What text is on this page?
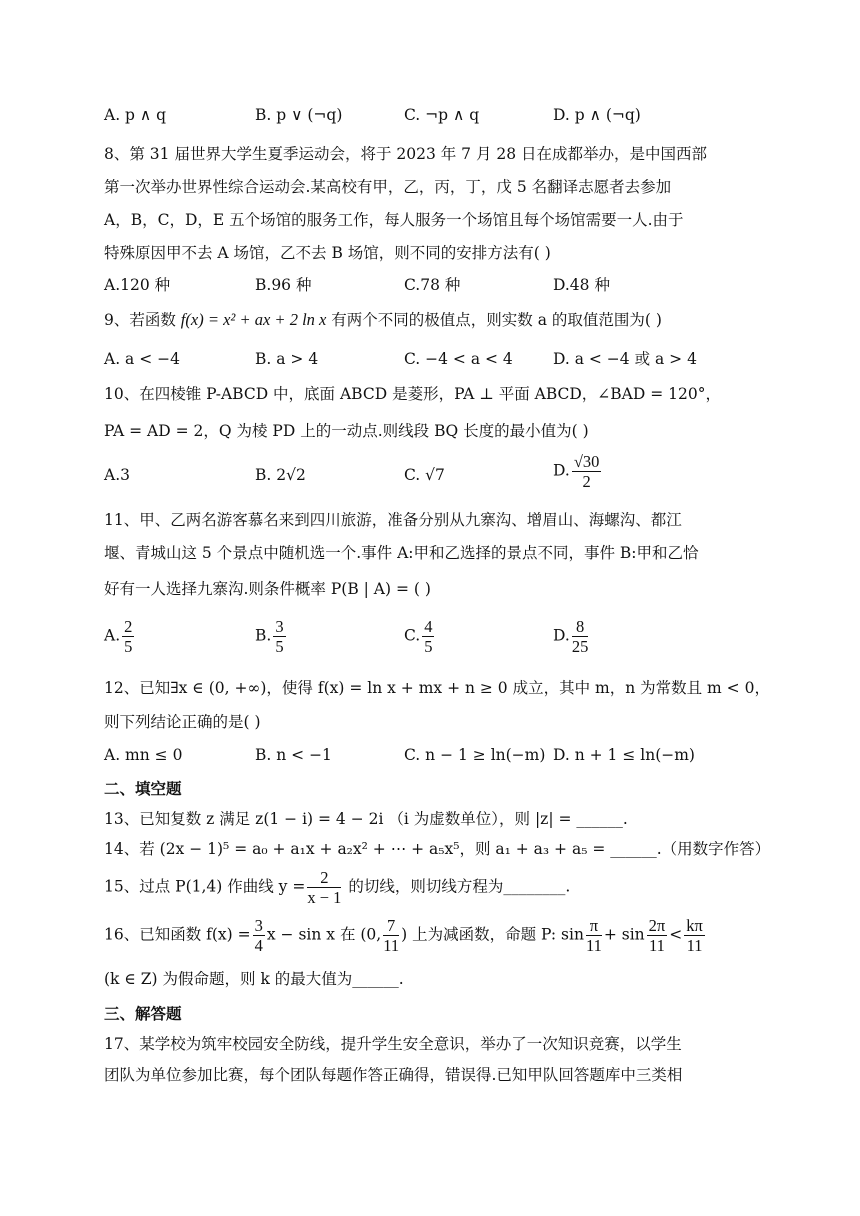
A. p ∧ q	B. p ∨ (¬q)	C. ¬p ∧ q	D. p ∧ (¬q)
8、第 31 届世界大学生夏季运动会，将于 2023 年 7 月 28 日在成都举办，是中国西部
第一次举办世界性综合运动会.某高校有甲，乙，丙，丁，戊 5 名翻译志愿者去参加
A，B，C，D，E 五个场馆的服务工作，每人服务一个场馆且每个场馆需要一人.由于
特殊原因甲不去 A 场馆，乙不去 B 场馆，则不同的安排方法有( )
A.120 种	B.96 种	C.78 种	D.48 种
9、若函数 f(x) = x² + ax + 2 ln x 有两个不同的极值点，则实数 a 的取值范围为( )
A. a < −4	B. a > 4	C. −4 < a < 4	D. a < −4 或 a > 4
10、在四棱锥 P-ABCD 中，底面 ABCD 是菱形，PA ⊥ 平面 ABCD，∠BAD = 120°，
PA = AD = 2，Q 为棱 PD 上的一动点.则线段 BQ 长度的最小值为( )
A.3	B. 2√2	C. √7	D. $\frac{√30}{2}$
11、甲、乙两名游客慕名来到四川旅游，准备分别从九寨沟、增眉山、海螺沟、都江
堰、青城山这 5 个景点中随机选一个.事件 A:甲和乙选择的景点不同，事件 B:甲和乙恰
好有一人选择九寨沟.则条件概率 P(B | A) = ( )
A. $\frac{2}{5}$	B. $\frac{3}{5}$	C. $\frac{4}{5}$	D. $\frac{8}{25}$
12、已知∃x ∈ (0, +∞)，使得 f(x) = ln x + mx + n ≥ 0 成立，其中 m，n 为常数且 m < 0，
则下列结论正确的是( )
A. mn ≤ 0	B. n < −1	C. n − 1 ≥ ln(−m) D. n + 1 ≤ ln(−m)
二、填空题
13、已知复数 z 满足 z(1 − i) = 4 − 2i （i 为虚数单位），则 |z| = ______.
14、若 (2x − 1)⁵ = a₀ + a₁x + a₂x² + ⋯ + a₅x⁵，则 a₁ + a₃ + a₅ = ______.（用数字作答）
15、过点 P(1,4) 作曲线 $y = \frac{2}{x - 1}$ 的切线，则切线方程为________.
16、已知函数 $f(x) = \frac{3}{4}$ x − sin x 在 (0, $\frac{7}{11}$ ) 上为减函数，命题 P: $\sin \frac{\pi}{11} + \sin \frac{2\pi}{11} < \frac{k\pi}{11}$
(k ∈ Z) 为假命题，则 k 的最大值为______.
三、解答题
17、某学校为筑牢校园安全防线，提升学生安全意识，举办了一次知识竞赛，以学生
团队为单位参加比赛，每个团队每题作答正确得，错误得.已知甲队回答题库中三类相
